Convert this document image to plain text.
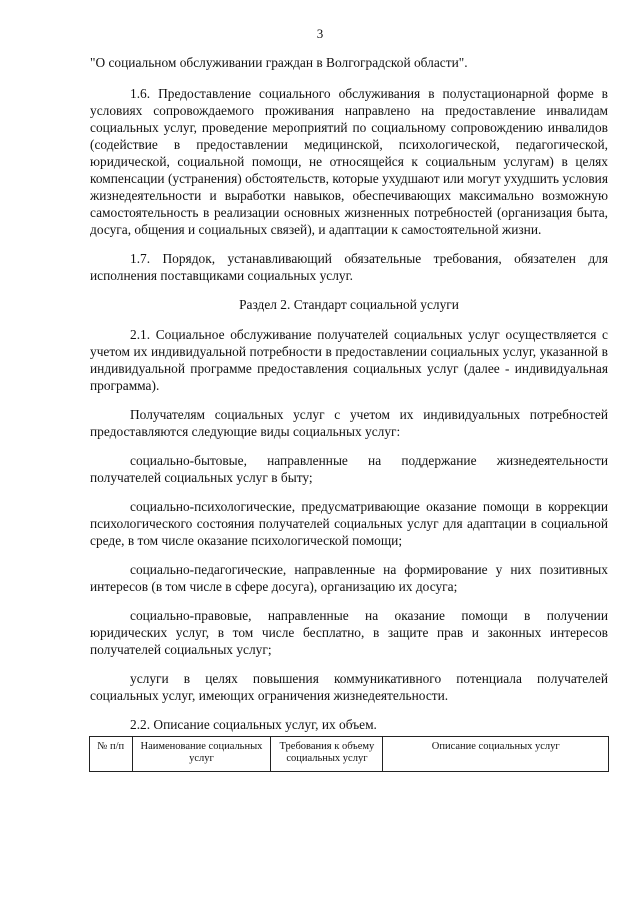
3

"О социальном обслуживании граждан в Волгоградской области".

1.6. Предоставление социального обслуживания в полустационарной форме в условиях сопровождаемого проживания направлено на предоставление инвалидам социальных услуг, проведение мероприятий по социальному сопровождению инвалидов (содействие в предоставлении медицинской, психологической, педагогической, юридической, социальной помощи, не относящейся к социальным услугам) в целях компенсации (устранения) обстоятельств, которые ухудшают или могут ухудшить условия жизнедеятельности и выработки навыков, обеспечивающих максимально возможную самостоятельность в реализации основных жизненных потребностей (организация быта, досуга, общения и социальных связей), и адаптации к самостоятельной жизни.

1.7. Порядок, устанавливающий обязательные требования, обязателен для исполнения поставщиками социальных услуг.

Раздел 2. Стандарт социальной услуги

2.1. Социальное обслуживание получателей социальных услуг осуществляется с учетом их индивидуальной потребности в предоставлении социальных услуг, указанной в индивидуальной программе предоставления социальных услуг (далее - индивидуальная программа).

Получателям социальных услуг с учетом их индивидуальных потребностей предоставляются следующие виды социальных услуг:

социально-бытовые, направленные на поддержание жизнедеятельности получателей социальных услуг в быту;

социально-психологические, предусматривающие оказание помощи в коррекции психологического состояния получателей социальных услуг для адаптации в социальной среде, в том числе оказание психологической помощи;

социально-педагогические, направленные на формирование у них позитивных интересов (в том числе в сфере досуга), организацию их досуга;

социально-правовые, направленные на оказание помощи в получении юридических услуг, в том числе бесплатно, в защите прав и законных интересов получателей социальных услуг;

услуги в целях повышения коммуникативного потенциала получателей социальных услуг, имеющих ограничения жизнедеятельности.

2.2. Описание социальных услуг, их объем.

№ п/п	Наименование социальных услуг	Требования к объему социальных услуг	Описание социальных услуг
